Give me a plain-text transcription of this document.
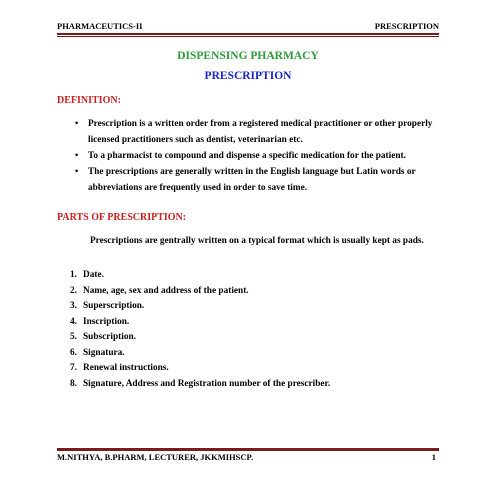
PHARMACEUTICS-II	PRESCRIPTION
DISPENSING PHARMACY
PRESCRIPTION
DEFINITION:
• Prescription is a written order from a registered medical practitioner or other properly licensed practitioners such as dentist, veterinarian etc.
• To a pharmacist to compound and dispense a specific medication for the patient.
• The prescriptions are generally written in the English language but Latin words or abbreviations are frequently used in order to save time.
PARTS OF PRESCRIPTION:

Prescriptions are gentrally written on a typical format which is usually kept as pads.

1. Date.
2. Name, age, sex and address of the patient.
3. Superscription.
4. Inscription.
5. Subscription.
6. Signatura.
7. Renewal instructions.
8. Signature, Address and Registration number of the prescriber.
M.NITHYA, B.PHARM, LECTURER, JKKMIHSCP.	1
